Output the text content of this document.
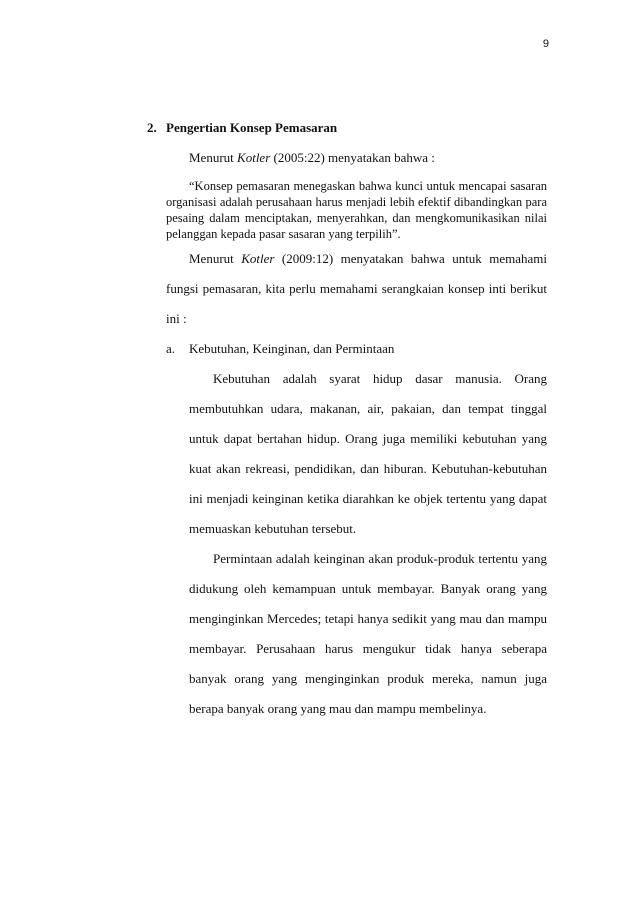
9
2. Pengertian Konsep Pemasaran

Menurut Kotler (2005:22) menyatakan bahwa :

“Konsep pemasaran menegaskan bahwa kunci untuk mencapai sasaran
organisasi adalah perusahaan harus menjadi lebih efektif dibandingkan para
pesaing dalam menciptakan, menyerahkan, dan mengkomunikasikan nilai
pelanggan kepada pasar sasaran yang terpilih”.

Menurut Kotler (2009:12) menyatakan bahwa untuk memahami

fungsi pemasaran, kita perlu memahami serangkaian konsep inti berikut

ini :

a. Kebutuhan, Keinginan, dan Permintaan

Kebutuhan adalah syarat hidup dasar manusia. Orang

membutuhkan udara, makanan, air, pakaian, dan tempat tinggal

untuk dapat bertahan hidup. Orang juga memiliki kebutuhan yang

kuat akan rekreasi, pendidikan, dan hiburan. Kebutuhan-kebutuhan

ini menjadi keinginan ketika diarahkan ke objek tertentu yang dapat

memuaskan kebutuhan tersebut.

Permintaan adalah keinginan akan produk-produk tertentu yang

didukung oleh kemampuan untuk membayar. Banyak orang yang

menginginkan Mercedes; tetapi hanya sedikit yang mau dan mampu

membayar. Perusahaan harus mengukur tidak hanya seberapa

banyak orang yang menginginkan produk mereka, namun juga

berapa banyak orang yang mau dan mampu membelinya.
